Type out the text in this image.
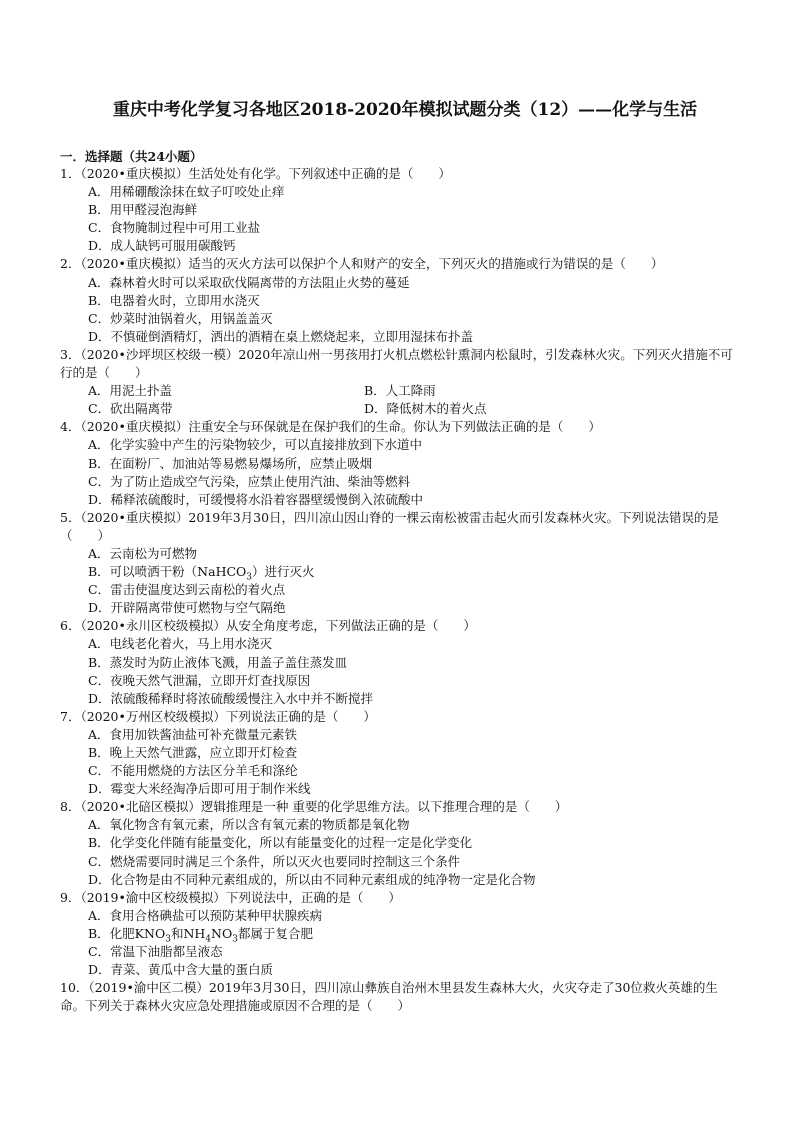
重庆中考化学复习各地区2018-2020年模拟试题分类（12）——化学与生活
一．选择题（共24小题）

1．（2020•重庆模拟）生活处处有化学。下列叙述中正确的是（　　）

A．用稀硼酸涂抹在蚊子叮咬处止痒

B．用甲醛浸泡海鲜

C．食物腌制过程中可用工业盐

D．成人缺钙可服用碳酸钙

2．（2020•重庆模拟）适当的灭火方法可以保护个人和财产的安全，下列灭火的措施或行为错误的是（　　）

A．森林着火时可以采取砍伐隔离带的方法阻止火势的蔓延

B．电器着火时，立即用水浇灭

C．炒菜时油锅着火，用锅盖盖灭

D．不慎碰倒酒精灯，洒出的酒精在桌上燃烧起来，立即用湿抹布扑盖

3．（2020•沙坪坝区校级一模）2020年凉山州一男孩用打火机点燃松针熏洞内松鼠时，引发森林火灾。下列灭火措施不可行的是（　　）

A．用泥土扑盖	B．人工降雨

C．砍出隔离带	D．降低树木的着火点

4．（2020•重庆模拟）注重安全与环保就是在保护我们的生命。你认为下列做法正确的是（　　）

A．化学实验中产生的污染物较少，可以直接排放到下水道中

B．在面粉厂、加油站等易燃易爆场所，应禁止吸烟

C．为了防止造成空气污染，应禁止使用汽油、柴油等燃料

D．稀释浓硫酸时，可缓慢将水沿着容器壁缓慢倒入浓硫酸中

5．（2020•重庆模拟）2019年3月30日，四川凉山因山脊的一棵云南松被雷击起火而引发森林火灾。下列说法错误的是（　　）

A．云南松为可燃物

B．可以喷洒干粉（NaHCO$_3$）进行灭火

C．雷击使温度达到云南松的着火点

D．开辟隔离带使可燃物与空气隔绝

6．（2020•永川区校级模拟）从安全角度考虑，下列做法正确的是（　　）

A．电线老化着火，马上用水浇灭

B．蒸发时为防止液体飞溅，用盖子盖住蒸发皿

C．夜晚天然气泄漏，立即开灯查找原因

D．浓硫酸稀释时将浓硫酸缓慢注入水中并不断搅拌

7．（2020•万州区校级模拟）下列说法正确的是（　　）

A．食用加铁酱油盐可补充微量元素铁

B．晚上天然气泄露，应立即开灯检查

C．不能用燃烧的方法区分羊毛和涤纶

D．霉变大米经淘净后即可用于制作米线

8．（2020•北碚区模拟）逻辑推理是一种 重要的化学思维方法。以下推理合理的是（　　）

A．氧化物含有氧元素，所以含有氧元素的物质都是氧化物

B．化学变化伴随有能量变化，所以有能量变化的过程一定是化学变化

C．燃烧需要同时满足三个条件，所以灭火也要同时控制这三个条件

D．化合物是由不同种元素组成的，所以由不同种元素组成的纯净物一定是化合物

9．（2019•渝中区校级模拟）下列说法中，正确的是（　　）

A．食用合格碘盐可以预防某种甲状腺疾病

B．化肥$KNO_3$和$NH_4NO_3$都属于复合肥

C．常温下油脂都呈液态

D．青菜、黄瓜中含大量的蛋白质

10．（2019•渝中区二模）2019年3月30日，四川凉山彝族自治州木里县发生森林大火，火灾夺走了30位救火英雄的生命。下列关于森林火灾应急处理措施或原因不合理的是（　　）
